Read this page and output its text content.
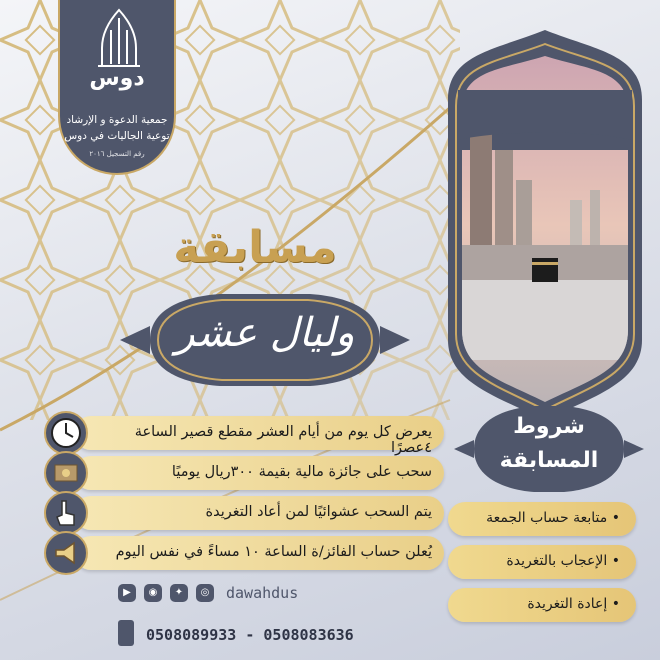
دوس
جمعية الدعوة و الإرشاد
توعية الجاليات في دوس
رقم التسجيل ٢٠١٦
مسابقة
وليال عشر
يعرض كل يوم من أيام العشر مقطع قصير الساعة ٤عصرًا
سحب على جائزة مالية بقيمة ٣٠٠ريال يوميًا
يتم السحب عشوائيًا لمن أعاد التغريدة
يُعلن حساب الفائز/ة الساعة ١٠ مساءً في نفس اليوم
شروط
المسابقة
• متابعة حساب الجمعة
• الإعجاب بالتغريدة
• إعادة التغريدة
▶	◉	✦	◎	dawahdus
0508089933 - 0508083636
